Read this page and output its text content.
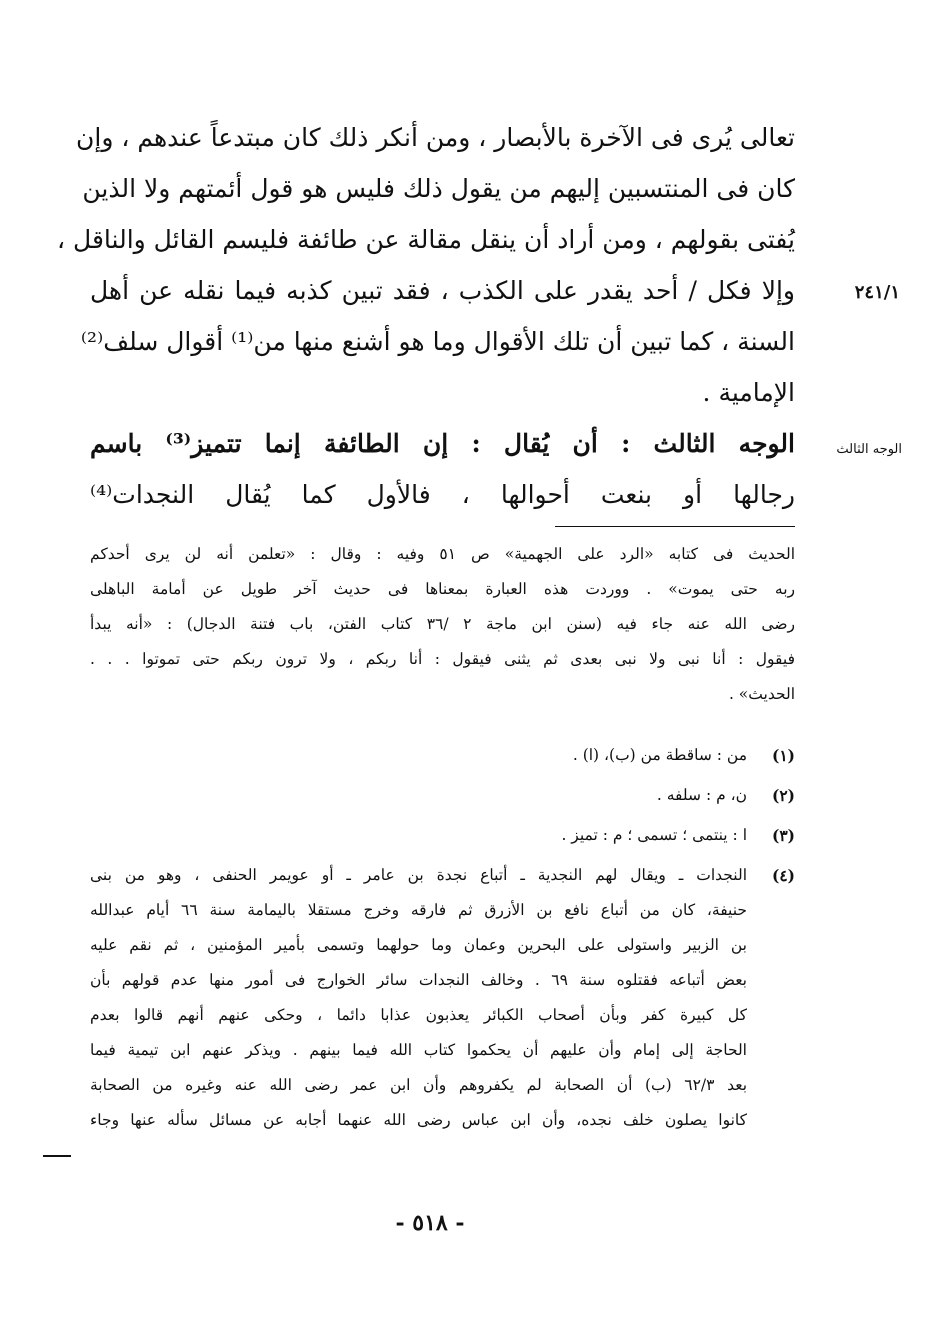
تعالى يُرى فى الآخرة بالأبصار ، ومن أنكر ذلك كان مبتدعاً عندهم ، وإن
كان فى المنتسبين إليهم من يقول ذلك فليس هو قول أئمتهم ولا الذين
يُفتى بقولهم ، ومن أراد أن ينقل مقالة عن طائفة فليسم القائل والناقل ،
وإلا فكل / أحد يقدر على الكذب ، فقد تبين كذبه فيما نقله عن أهل
السنة ، كما تبين أن تلك الأقوال وما هو أشنع منها من⁽¹⁾ أقوال سلف⁽²⁾
الإمامية .
الوجه الثالث : أن يُقال : إن الطائفة إنما تتميز⁽³⁾ باسم
رجالها أو بنعت أحوالها ، فالأول كما يُقال النجدات⁽⁴⁾
٢٤١/١
الوجه الثالث
الحديث فى كتابه «الرد على الجهمية» ص ٥١ وفيه : وقال : «تعلمن أنه لن يرى أحدكم
ربه حتى يموت» . ووردت هذه العبارة بمعناها فى حديث آخر طويل عن أمامة الباهلى
رضى الله عنه جاء فيه (سنن ابن ماجة ٢ /٣٦ كتاب الفتن، باب فتنة الدجال) : «أنه يبدأ
فيقول : أنا نبى ولا نبى بعدى ثم يثنى فيقول : أنا ربكم ، ولا ترون ربكم حتى تموتوا . . .
الحديث» .
(١)
من : ساقطة من (ب)، (ا) .
(٢)
ن، م : سلفه .
(٣)
ا : ينتمى ؛ تسمى ؛ م : تميز .
(٤)
النجدات ـ ويقال لهم النجدية ـ أتباع نجدة بن عامر ـ أو عويمر الحنفى ، وهو من بنى
حنيفة، كان من أتباع نافع بن الأزرق ثم فارقه وخرج مستقلا باليمامة سنة ٦٦ أيام عبدالله
بن الزبير واستولى على البحرين وعمان وما حولهما وتسمى بأمير المؤمنين ، ثم نقم عليه
بعض أتباعه فقتلوه سنة ٦٩ . وخالف النجدات سائر الخوارج فى أمور منها عدم قولهم بأن
كل كبيرة كفر وبأن أصحاب الكبائر يعذبون عذابا دائما ، وحكى عنهم أنهم قالوا بعدم
الحاجة إلى إمام وأن عليهم أن يحكموا كتاب الله فيما بينهم . ويذكر عنهم ابن تيمية فيما
بعد ٦٢/٣ (ب) أن الصحابة لم يكفروهم وأن ابن عمر رضى الله عنه وغيره من الصحابة
كانوا يصلون خلف نجده، وأن ابن عباس رضى الله عنهما أجابه عن مسائل سأله عنها وجاء
- ٥١٨ -
